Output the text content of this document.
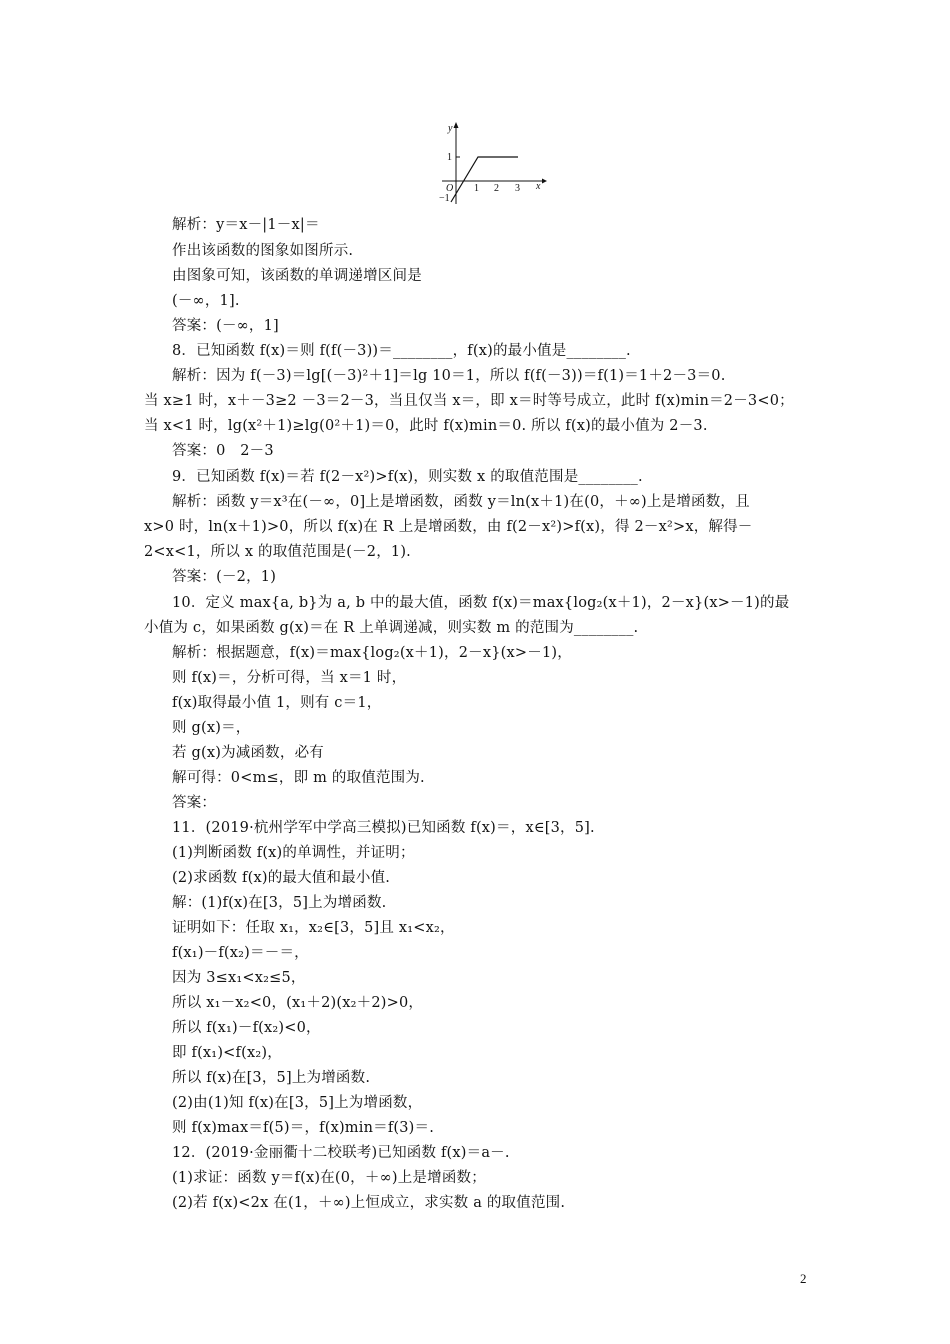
y
x
O 1 2 3
1
−1
解析：y＝x－|1－x|＝
作出该函数的图象如图所示.
由图象可知，该函数的单调递增区间是
(－∞，1].
答案：(－∞，1]
8．已知函数 f(x)＝则 f(f(－3))＝________，f(x)的最小值是________.
解析：因为 f(－3)＝lg[(－3)²＋1]＝lg 10＝1，所以 f(f(－3))＝f(1)＝1＋2－3＝0.
当 x≥1 时，x＋－3≥2 －3＝2－3，当且仅当 x＝，即 x＝时等号成立，此时 f(x)min＝2－3<0；
当 x<1 时，lg(x²＋1)≥lg(0²＋1)＝0，此时 f(x)min＝0. 所以 f(x)的最小值为 2－3.
答案：0　2－3
9．已知函数 f(x)＝若 f(2－x²)>f(x)，则实数 x 的取值范围是________.
解析：函数 y＝x³在(－∞，0]上是增函数，函数 y＝ln(x＋1)在(0，＋∞)上是增函数，且
x>0 时，ln(x＋1)>0，所以 f(x)在 R 上是增函数，由 f(2－x²)>f(x)，得 2－x²>x，解得－
2<x<1，所以 x 的取值范围是(－2，1).
答案：(－2，1)
10．定义 max{a, b}为 a, b 中的最大值，函数 f(x)＝max{log₂(x＋1)，2－x}(x>－1)的最
小值为 c，如果函数 g(x)＝在 R 上单调递减，则实数 m 的范围为________.
解析：根据题意，f(x)＝max{log₂(x＋1)，2－x}(x>－1)，
则 f(x)＝，分析可得，当 x＝1 时，
f(x)取得最小值 1，则有 c＝1，
则 g(x)＝，
若 g(x)为减函数，必有
解可得：0<m≤，即 m 的取值范围为.
答案：
11．(2019·杭州学军中学高三模拟)已知函数 f(x)＝，x∈[3，5].
(1)判断函数 f(x)的单调性，并证明；
(2)求函数 f(x)的最大值和最小值.
解：(1)f(x)在[3，5]上为增函数.
证明如下：任取 x₁，x₂∈[3，5]且 x₁<x₂，
f(x₁)－f(x₂)＝－＝，
因为 3≤x₁<x₂≤5，
所以 x₁－x₂<0，(x₁＋2)(x₂＋2)>0，
所以 f(x₁)－f(x₂)<0，
即 f(x₁)<f(x₂)，
所以 f(x)在[3，5]上为增函数.
(2)由(1)知 f(x)在[3，5]上为增函数，
则 f(x)max＝f(5)＝，f(x)min＝f(3)＝.
12．(2019·金丽衢十二校联考)已知函数 f(x)＝a－.
(1)求证：函数 y＝f(x)在(0，＋∞)上是增函数；
(2)若 f(x)<2x 在(1，＋∞)上恒成立，求实数 a 的取值范围.
2
